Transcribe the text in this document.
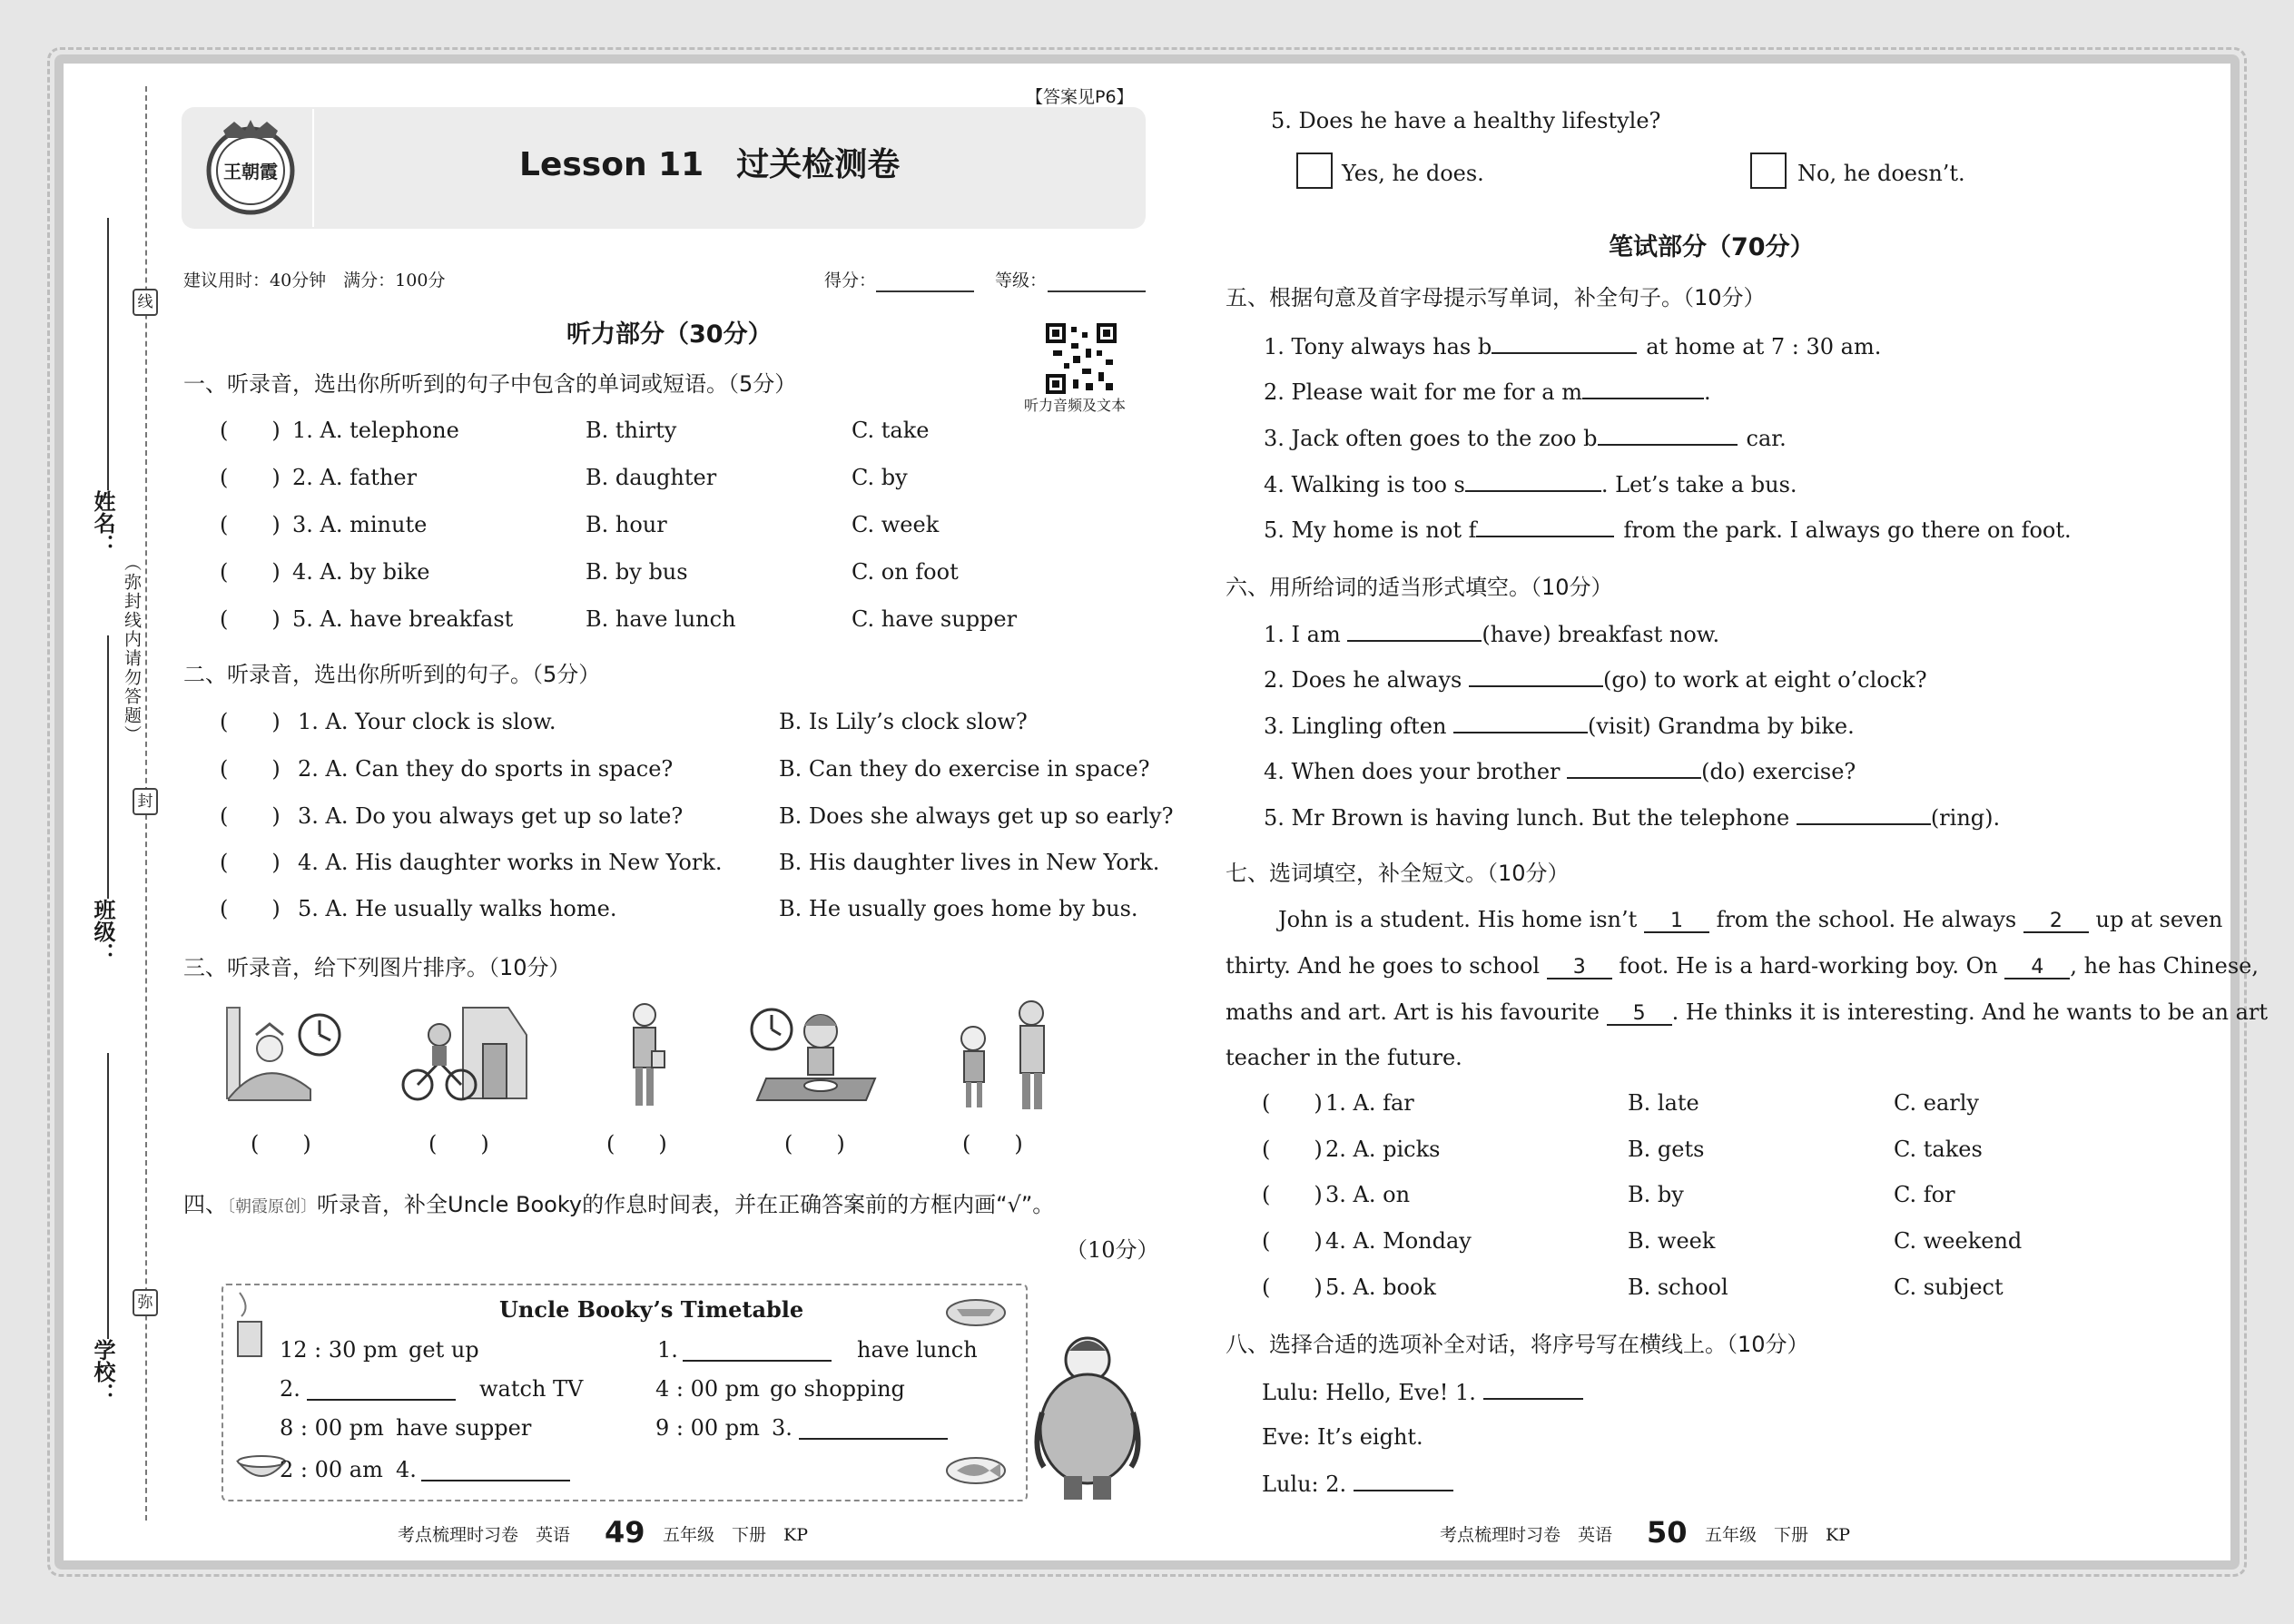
线
（弥封线内请勿答题）
封
弥
姓名：
班级：
学校：
【答案见P6】
王朝霞	Lesson 11　过关检测卷
建议用时：40分钟　满分：100分	得分：	等级：
听力音频及文本
听力部分（30分）
一、听录音，选出你所听到的句子中包含的单词或短语。（5分）
(　　) 1. A. telephone	B. thirty	C. take
(　　) 2. A. father	B. daughter	C. by
(　　) 3. A. minute	B. hour	C. week
(　　) 4. A. by bike	B. by bus	C. on foot
(　　) 5. A. have breakfast	B. have lunch	C. have supper
二、听录音，选出你所听到的句子。（5分）
(　　) 1. A. Your clock is slow.	B. Is Lily’s clock slow?
(　　) 2. A. Can they do sports in space?	B. Can they do exercise in space?
(　　) 3. A. Do you always get up so late?	B. Does she always get up so early?
(　　) 4. A. His daughter works in New York.	B. His daughter lives in New York.
(　　) 5. A. He usually walks home.	B. He usually goes home by bus.
三、听录音，给下列图片排序。（10分）
(　　)	(　　)	(　　)	(　　)	(　　)
四、〔朝霞原创〕听录音，补全Uncle Booky的作息时间表，并在正确答案前的方框内画“√”。
（10分）
Uncle Booky’s Timetable
12 : 30 pm get up	1.	have lunch
2.	watch TV	4 : 00 pm go shopping
8 : 00 pm have supper	9 : 00 pm 3.
2 : 00 am 4.
考点梳理时习卷　英语 49 五年级　下册　KP
5. Does he have a healthy lifestyle?
Yes, he does.	No, he doesn’t.
笔试部分（70分）
五、根据句意及首字母提示写单词，补全句子。（10分）
1. Tony always has b	at home at 7 : 30 am.
2. Please wait for me for a m	.
3. Jack often goes to the zoo b	car.
4. Walking is too s	. Let’s take a bus.
5. My home is not f	from the park. I always go there on foot.
六、用所给词的适当形式填空。（10分）
1. I am	(have) breakfast now.
2. Does he always	(go) to work at eight o’clock?
3. Lingling often	(visit) Grandma by bike.
4. When does your brother	(do) exercise?
5. Mr Brown is having lunch. But the telephone	(ring).
七、选词填空，补全短文。（10分）
John is a student. His home isn’t 1 from the school. He always 2 up at seven
thirty. And he goes to school 3 foot. He is a hard-working boy. On 4 , he has Chinese,
maths and art. Art is his favourite 5 . He thinks it is interesting. And he wants to be an art
teacher in the future.
(　　) 1. A. far	B. late	C. early
(　　) 2. A. picks	B. gets	C. takes
(　　) 3. A. on	B. by	C. for
(　　) 4. A. Monday	B. week	C. weekend
(　　) 5. A. book	B. school	C. subject
八、选择合适的选项补全对话，将序号写在横线上。（10分）
Lulu: Hello, Eve! 1.
Eve: It’s eight.
Lulu: 2.
考点梳理时习卷　英语 50 五年级　下册　KP
